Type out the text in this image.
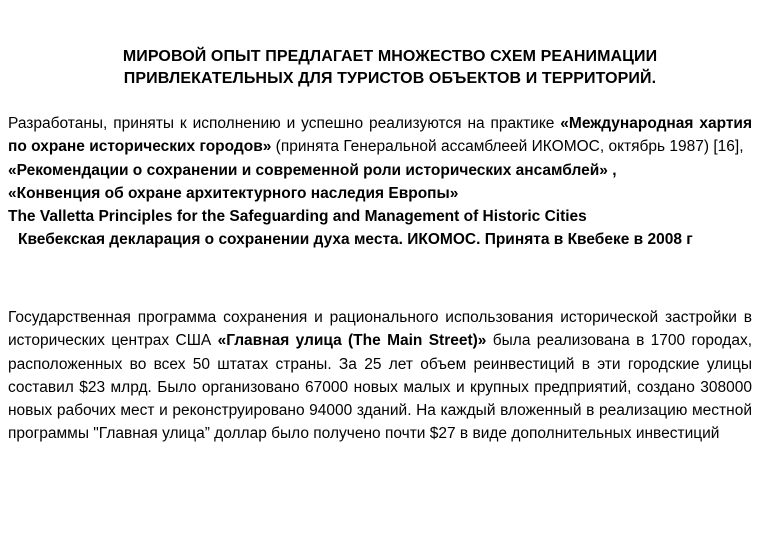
МИРОВОЙ ОПЫТ ПРЕДЛАГАЕТ МНОЖЕСТВО СХЕМ РЕАНИМАЦИИ
ПРИВЛЕКАТЕЛЬНЫХ ДЛЯ ТУРИСТОВ ОБЪЕКТОВ И ТЕРРИТОРИЙ.
Разработаны, приняты к исполнению и успешно реализуются на практике «Международная хартия по охране исторических городов» (принята Генеральной ассамблеей ИКОМОС, октябрь 1987) [16],
«Рекомендации о сохранении и современной роли исторических ансамблей» ,
«Конвенция об охране архитектурного наследия Европы»
The Valletta Principles for the Safeguarding and Management of Historic Cities
Квебекская декларация о сохранении духа места. ИКОМОС. Принята в Квебеке в 2008 г
Государственная программа сохранения и рационального использования исторической застройки в исторических центрах США «Главная улица (The Main Street)» была реализована в 1700 городах, расположенных во всех 50 штатах страны. За 25 лет объем реинвестиций в эти городские улицы составил $23 млрд. Было организовано 67000 новых малых и крупных предприятий, создано 308000 новых рабочих мест и реконструировано 94000 зданий. На каждый вложенный в реализацию местной программы "Главная улица” доллар было получено почти $27 в виде дополнительных инвестиций
